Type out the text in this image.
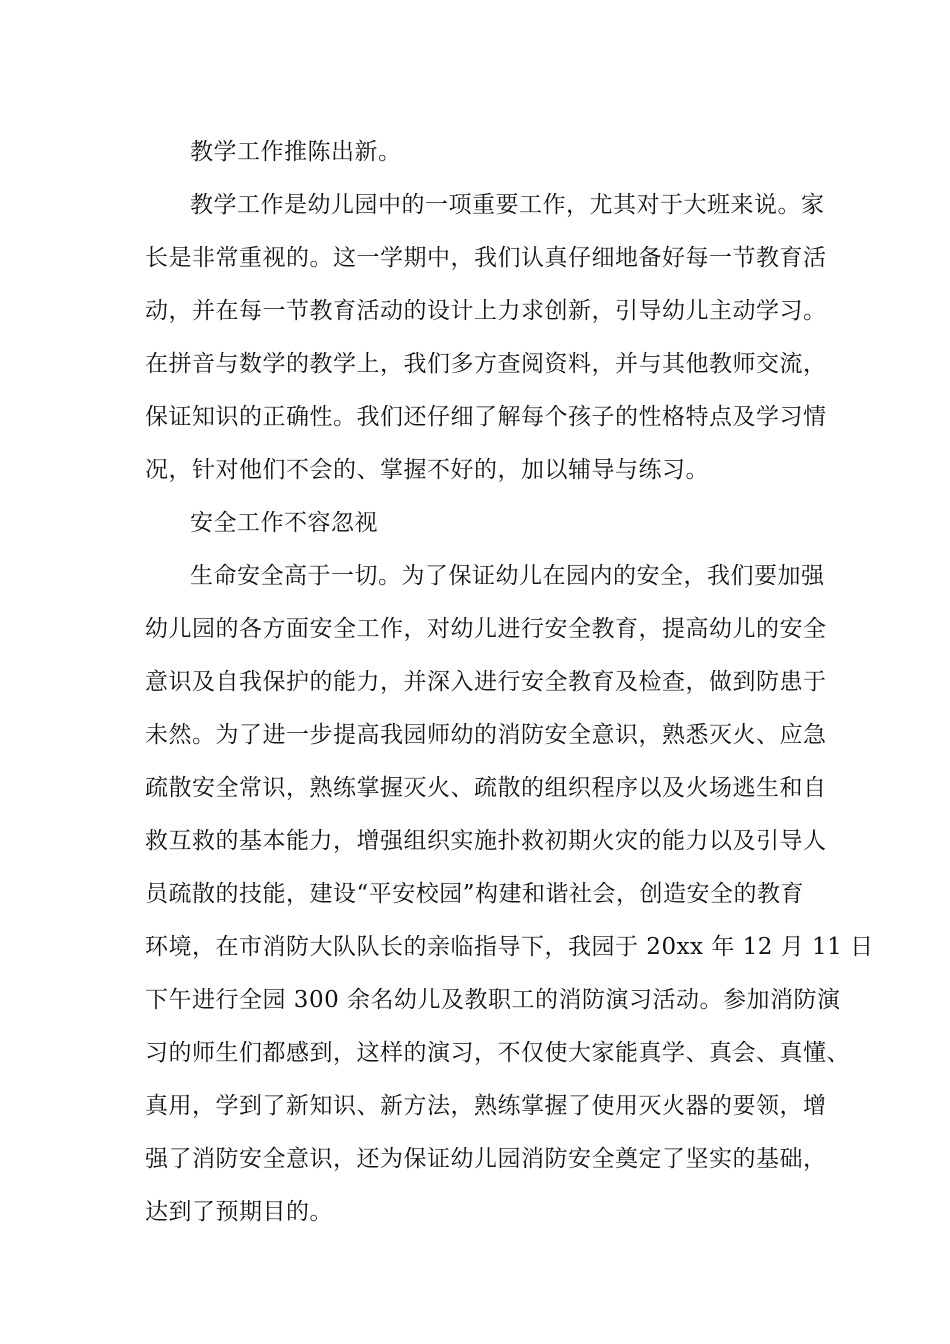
教学工作推陈出新。
教学工作是幼儿园中的一项重要工作，尤其对于大班来说。家
长是非常重视的。这一学期中，我们认真仔细地备好每一节教育活
动，并在每一节教育活动的设计上力求创新，引导幼儿主动学习。
在拼音与数学的教学上，我们多方查阅资料，并与其他教师交流，
保证知识的正确性。我们还仔细了解每个孩子的性格特点及学习情
况，针对他们不会的、掌握不好的，加以辅导与练习。
安全工作不容忽视
生命安全高于一切。为了保证幼儿在园内的安全，我们要加强
幼儿园的各方面安全工作，对幼儿进行安全教育，提高幼儿的安全
意识及自我保护的能力，并深入进行安全教育及检查，做到防患于
未然。为了进一步提高我园师幼的消防安全意识，熟悉灭火、应急
疏散安全常识，熟练掌握灭火、疏散的组织程序以及火场逃生和自
救互救的基本能力，增强组织实施扑救初期火灾的能力以及引导人
员疏散的技能，建设“平安校园”构建和谐社会，创造安全的教育
环境，在市消防大队队长的亲临指导下，我园于 20xx 年 12 月 11 日
下午进行全园 300 余名幼儿及教职工的消防演习活动。参加消防演
习的师生们都感到，这样的演习，不仅使大家能真学、真会、真懂、
真用，学到了新知识、新方法，熟练掌握了使用灭火器的要领，增
强了消防安全意识，还为保证幼儿园消防安全奠定了坚实的基础，
达到了预期目的。
